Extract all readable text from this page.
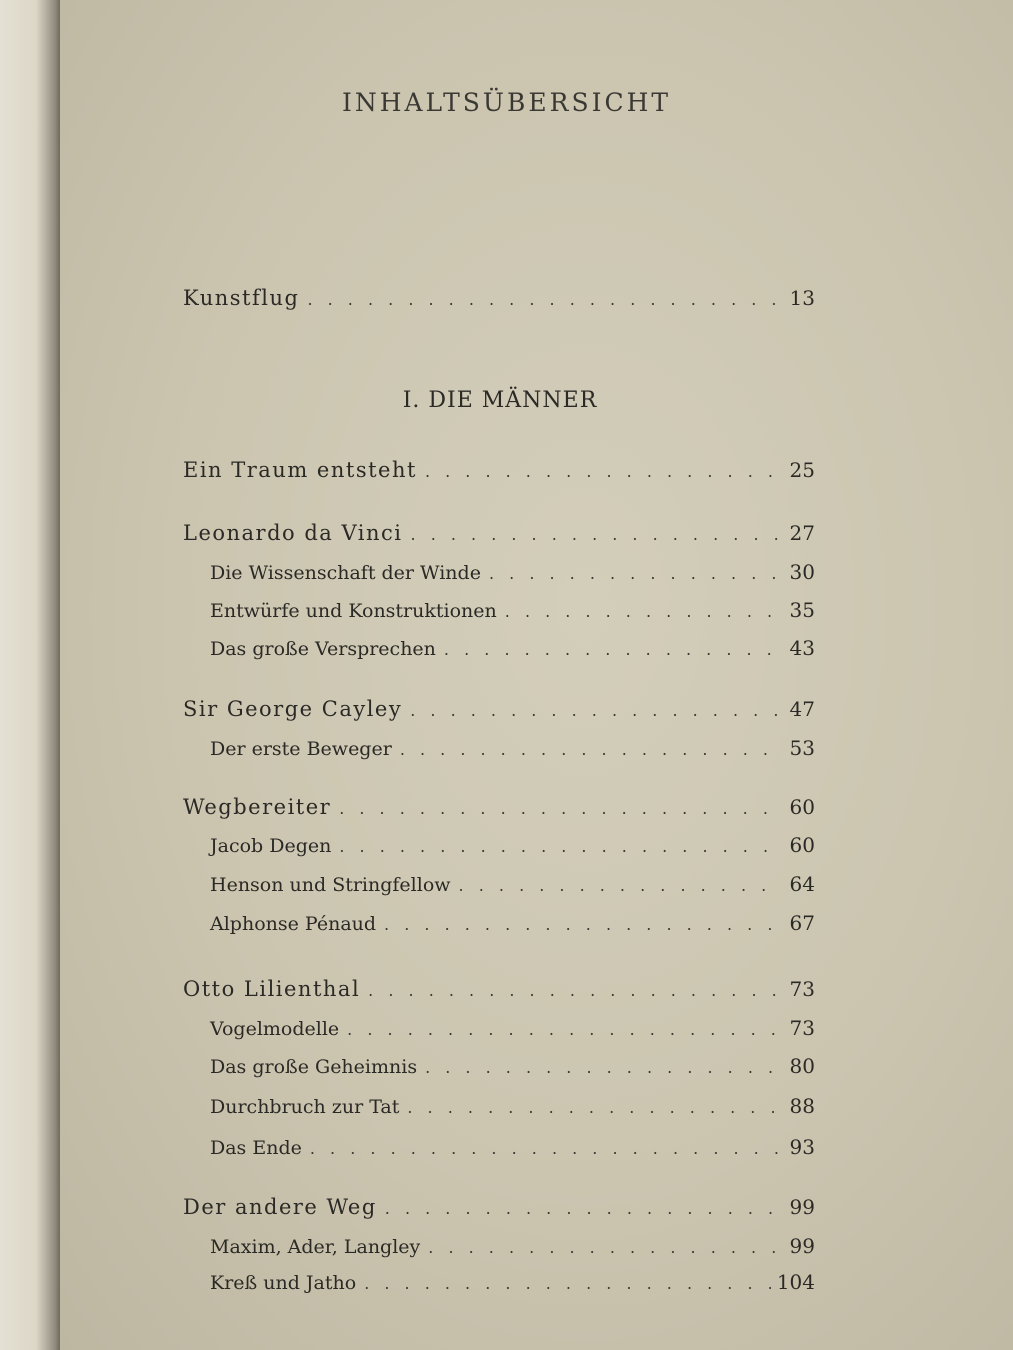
INHALTSÜBERSICHT
Kunstflug . . .	13
I. DIE MÄNNER
Ein Traum entsteht . . .	25
Leonardo da Vinci . . .	27
Die Wissenschaft der Winde . . .	30
Entwürfe und Konstruktionen . . .	35
Das große Versprechen . . .	43
Sir George Cayley . . .	47
Der erste Beweger . . .	53
Wegbereiter . . .	60
Jacob Degen . . .	60
Henson und Stringfellow . . .	64
Alphonse Pénaud . . .	67
Otto Lilienthal . . .	73
Vogelmodelle . . .	73
Das große Geheimnis . . .	80
Durchbruch zur Tat . . .	88
Das Ende . . .	93
Der andere Weg . . .	99
Maxim, Ader, Langley . . .	99
Kreß und Jatho . . .	104
